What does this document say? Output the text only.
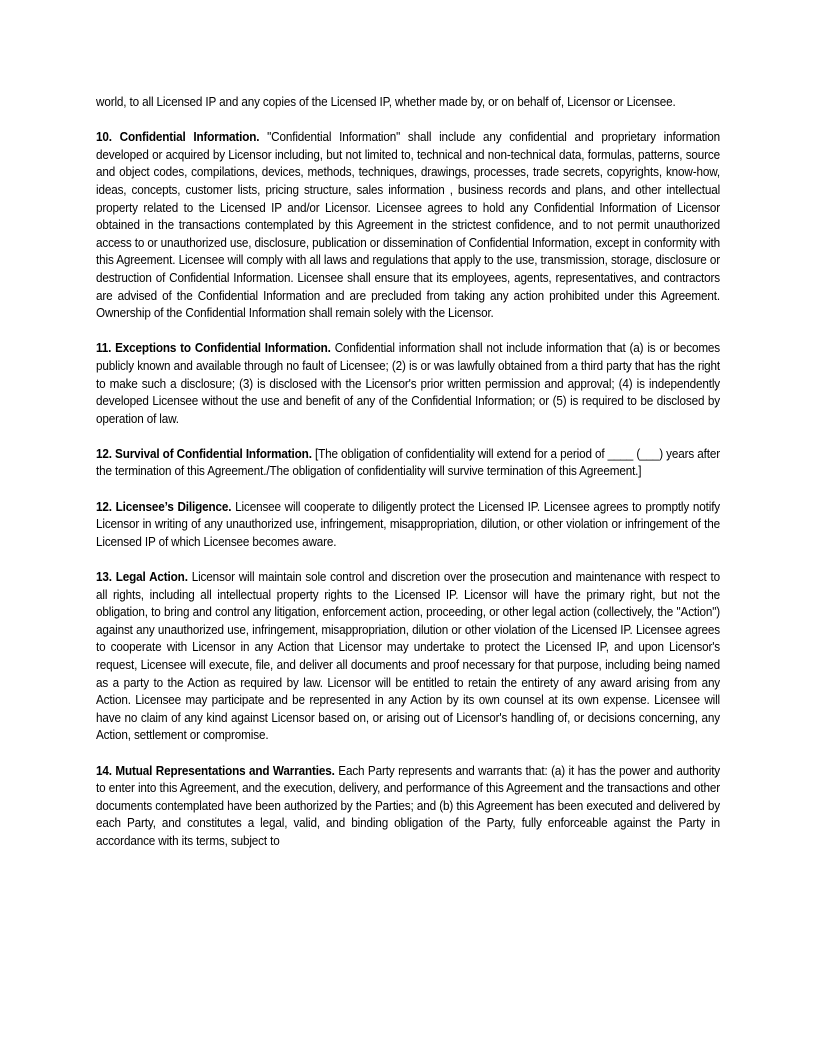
world, to all Licensed IP and any copies of the Licensed IP, whether made by, or on behalf of, Licensor or Licensee.

10. Confidential Information. "Confidential Information" shall include any confidential and proprietary information developed or acquired by Licensor including, but not limited to, technical and non-technical data, formulas, patterns, source and object codes, compilations, devices, methods, techniques, drawings, processes, trade secrets, copyrights, know-how, ideas, concepts, customer lists, pricing structure, sales information , business records and plans, and other intellectual property related to the Licensed IP and/or Licensor. Licensee agrees to hold any Confidential Information of Licensor obtained in the transactions contemplated by this Agreement in the strictest confidence, and to not permit unauthorized access to or unauthorized use, disclosure, publication or dissemination of Confidential Information, except in conformity with this Agreement. Licensee will comply with all laws and regulations that apply to the use, transmission, storage, disclosure or destruction of Confidential Information. Licensee shall ensure that its employees, agents, representatives, and contractors are advised of the Confidential Information and are precluded from taking any action prohibited under this Agreement. Ownership of the Confidential Information shall remain solely with the Licensor.

11. Exceptions to Confidential Information. Confidential information shall not include information that (a) is or becomes publicly known and available through no fault of Licensee; (2) is or was lawfully obtained from a third party that has the right to make such a disclosure; (3) is disclosed with the Licensor's prior written permission and approval; (4) is independently developed Licensee without the use and benefit of any of the Confidential Information; or (5) is required to be disclosed by operation of law.

12. Survival of Confidential Information. [The obligation of confidentiality will extend for a period of ____ (___) years after the termination of this Agreement./The obligation of confidentiality will survive termination of this Agreement.]

12. Licensee’s Diligence. Licensee will cooperate to diligently protect the Licensed IP. Licensee agrees to promptly notify Licensor in writing of any unauthorized use, infringement, misappropriation, dilution, or other violation or infringement of the Licensed IP of which Licensee becomes aware.

13. Legal Action. Licensor will maintain sole control and discretion over the prosecution and maintenance with respect to all rights, including all intellectual property rights to the Licensed IP. Licensor will have the primary right, but not the obligation, to bring and control any litigation, enforcement action, proceeding, or other legal action (collectively, the "Action") against any unauthorized use, infringement, misappropriation, dilution or other violation of the Licensed IP. Licensee agrees to cooperate with Licensor in any Action that Licensor may undertake to protect the Licensed IP, and upon Licensor's request, Licensee will execute, file, and deliver all documents and proof necessary for that purpose, including being named as a party to the Action as required by law. Licensor will be entitled to retain the entirety of any award arising from any Action. Licensee may participate and be represented in any Action by its own counsel at its own expense. Licensee will have no claim of any kind against Licensor based on, or arising out of Licensor's handling of, or decisions concerning, any Action, settlement or compromise.

14. Mutual Representations and Warranties. Each Party represents and warrants that: (a) it has the power and authority to enter into this Agreement, and the execution, delivery, and performance of this Agreement and the transactions and other documents contemplated have been authorized by the Parties; and (b) this Agreement has been executed and delivered by each Party, and constitutes a legal, valid, and binding obligation of the Party, fully enforceable against the Party in accordance with its terms, subject to
